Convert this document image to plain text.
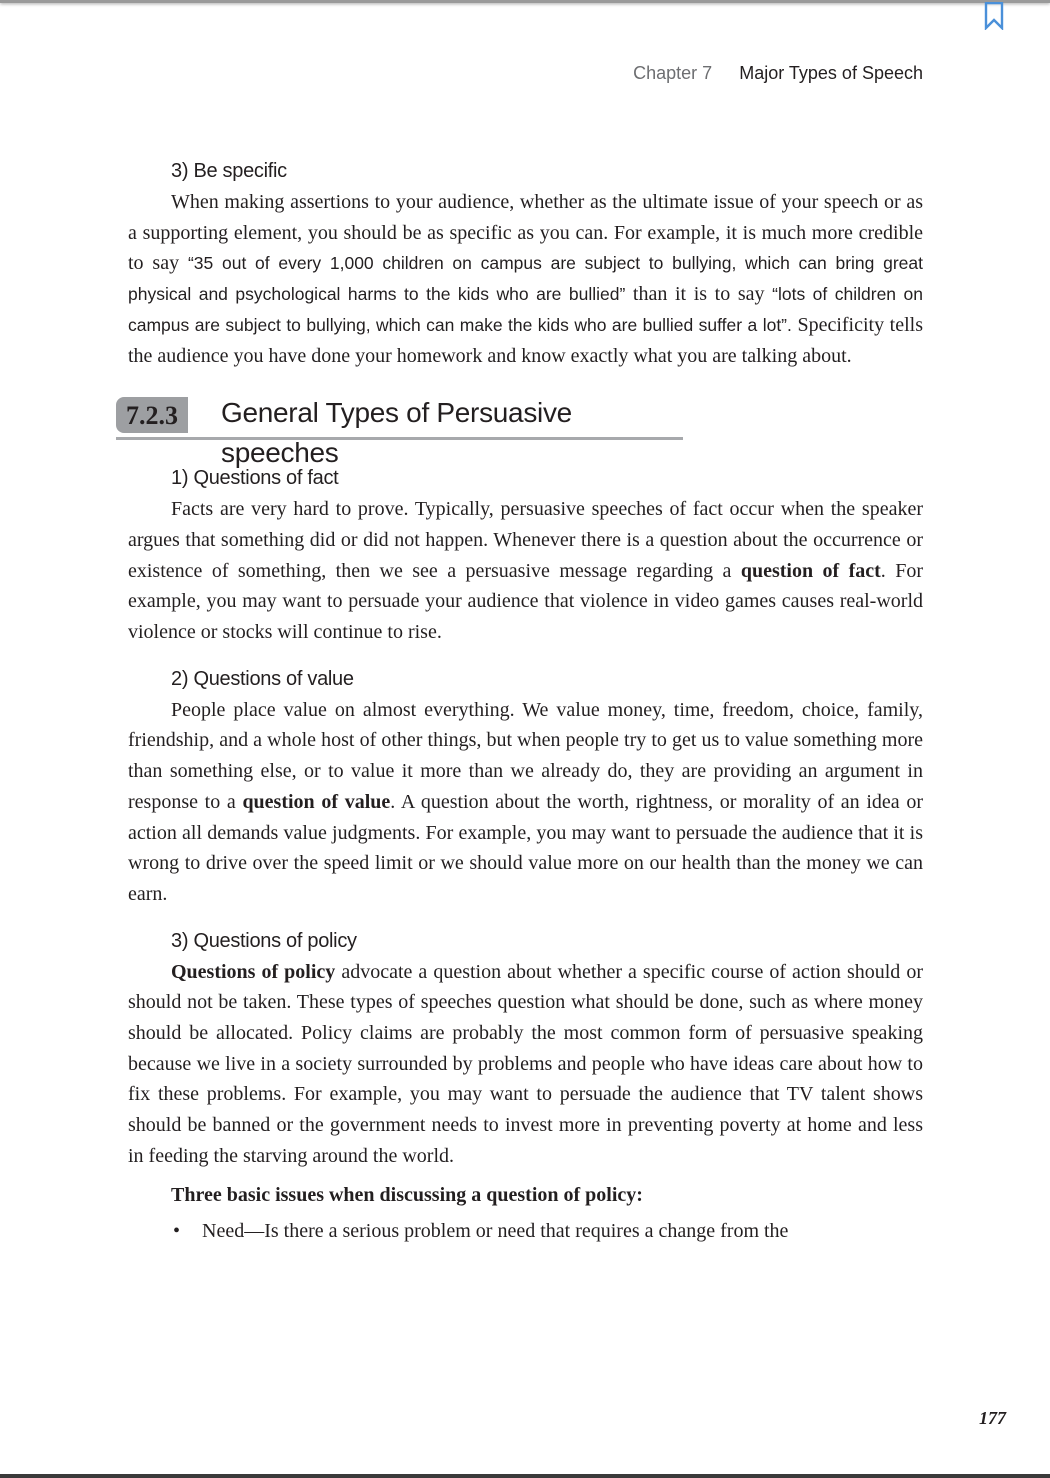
Chapter 7 Major Types of Speech
3) Be specific

When making assertions to your audience, whether as the ultimate issue of your speech or as a supporting element, you should be as specific as you can. For example, it is much more credible to say “35 out of every 1,000 children on campus are subject to bullying, which can bring great physical and psychological harms to the kids who are bullied” than it is to say “lots of children on campus are subject to bullying, which can make the kids who are bullied suffer a lot”. Specificity tells the audience you have done your homework and know exactly what you are talking about.

7.2.3	General Types of Persuasive speeches
1) Questions of fact

Facts are very hard to prove. Typically, persuasive speeches of fact occur when the speaker argues that something did or did not happen. Whenever there is a question about the occurrence or existence of something, then we see a persuasive message regarding a question of fact. For example, you may want to persuade your audience that violence in video games causes real-world violence or stocks will continue to rise.

2) Questions of value

People place value on almost everything. We value money, time, freedom, choice, family, friendship, and a whole host of other things, but when people try to get us to value something more than something else, or to value it more than we already do, they are providing an argument in response to a question of value. A question about the worth, rightness, or morality of an idea or action all demands value judgments. For example, you may want to persuade the audience that it is wrong to drive over the speed limit or we should value more on our health than the money we can earn.

3) Questions of policy

Questions of policy advocate a question about whether a specific course of action should or should not be taken. These types of speeches question what should be done, such as where money should be allocated. Policy claims are probably the most common form of persuasive speaking because we live in a society surrounded by problems and people who have ideas care about how to fix these problems. For example, you may want to persuade the audience that TV talent shows should be banned or the government needs to invest more in preventing poverty at home and less in feeding the starving around the world.

Three basic issues when discussing a question of policy:
• Need—Is there a serious problem or need that requires a change from the
177
